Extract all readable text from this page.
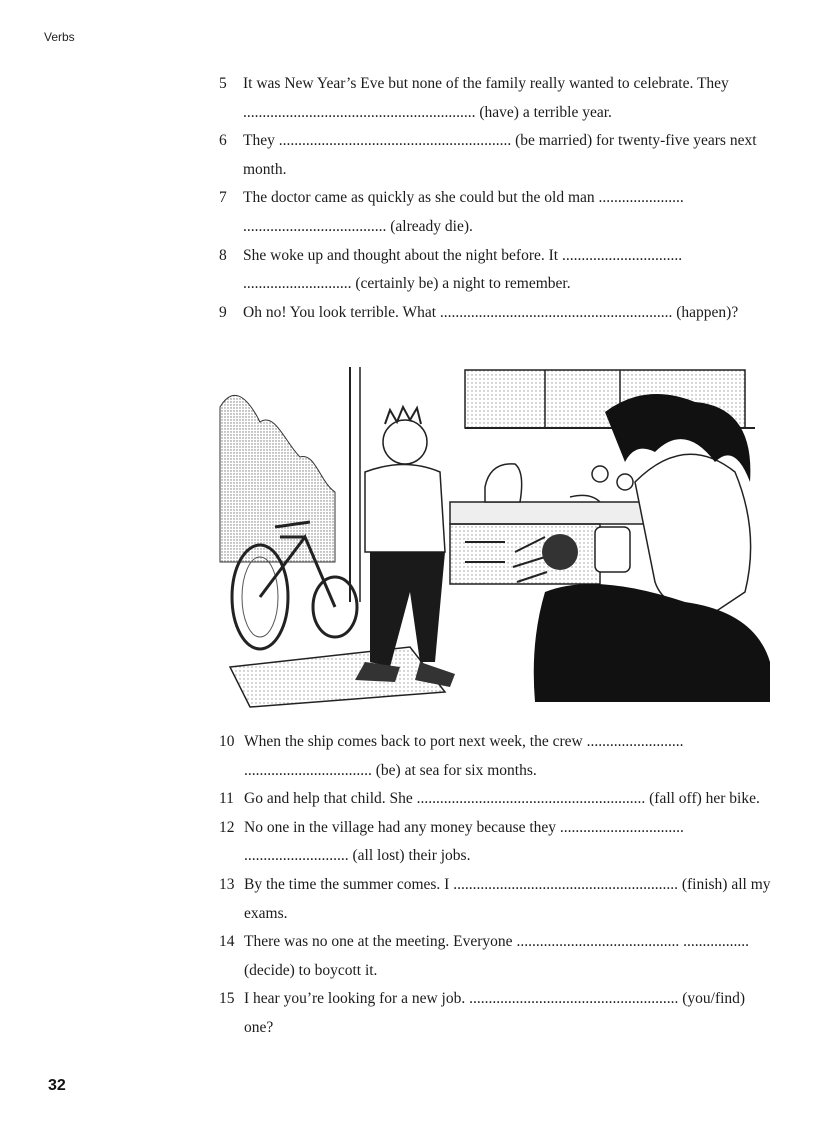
Verbs

5 It was New Year’s Eve but none of the family really wanted to celebrate. They ............................................................ (have) a terrible year.

6 They ............................................................ (be married) for twenty-five years next month.

7 The doctor came as quickly as she could but the old man ...................... ..................................... (already die).

8 She woke up and thought about the night before. It ............................... ............................ (certainly be) a night to remember.

9 Oh no! You look terrible. What ............................................................ (happen)?

10 When the ship comes back to port next week, the crew ......................... ................................. (be) at sea for six months.

11 Go and help that child. She ........................................................... (fall off) her bike.

12 No one in the village had any money because they ................................ ........................... (all lost) their jobs.

13 By the time the summer comes. I .......................................................... (finish) all my exams.

14 There was no one at the meeting. Everyone .......................................... ................. (decide) to boycott it.

15 I hear you’re looking for a new job. ...................................................... (you/find) one?

32
